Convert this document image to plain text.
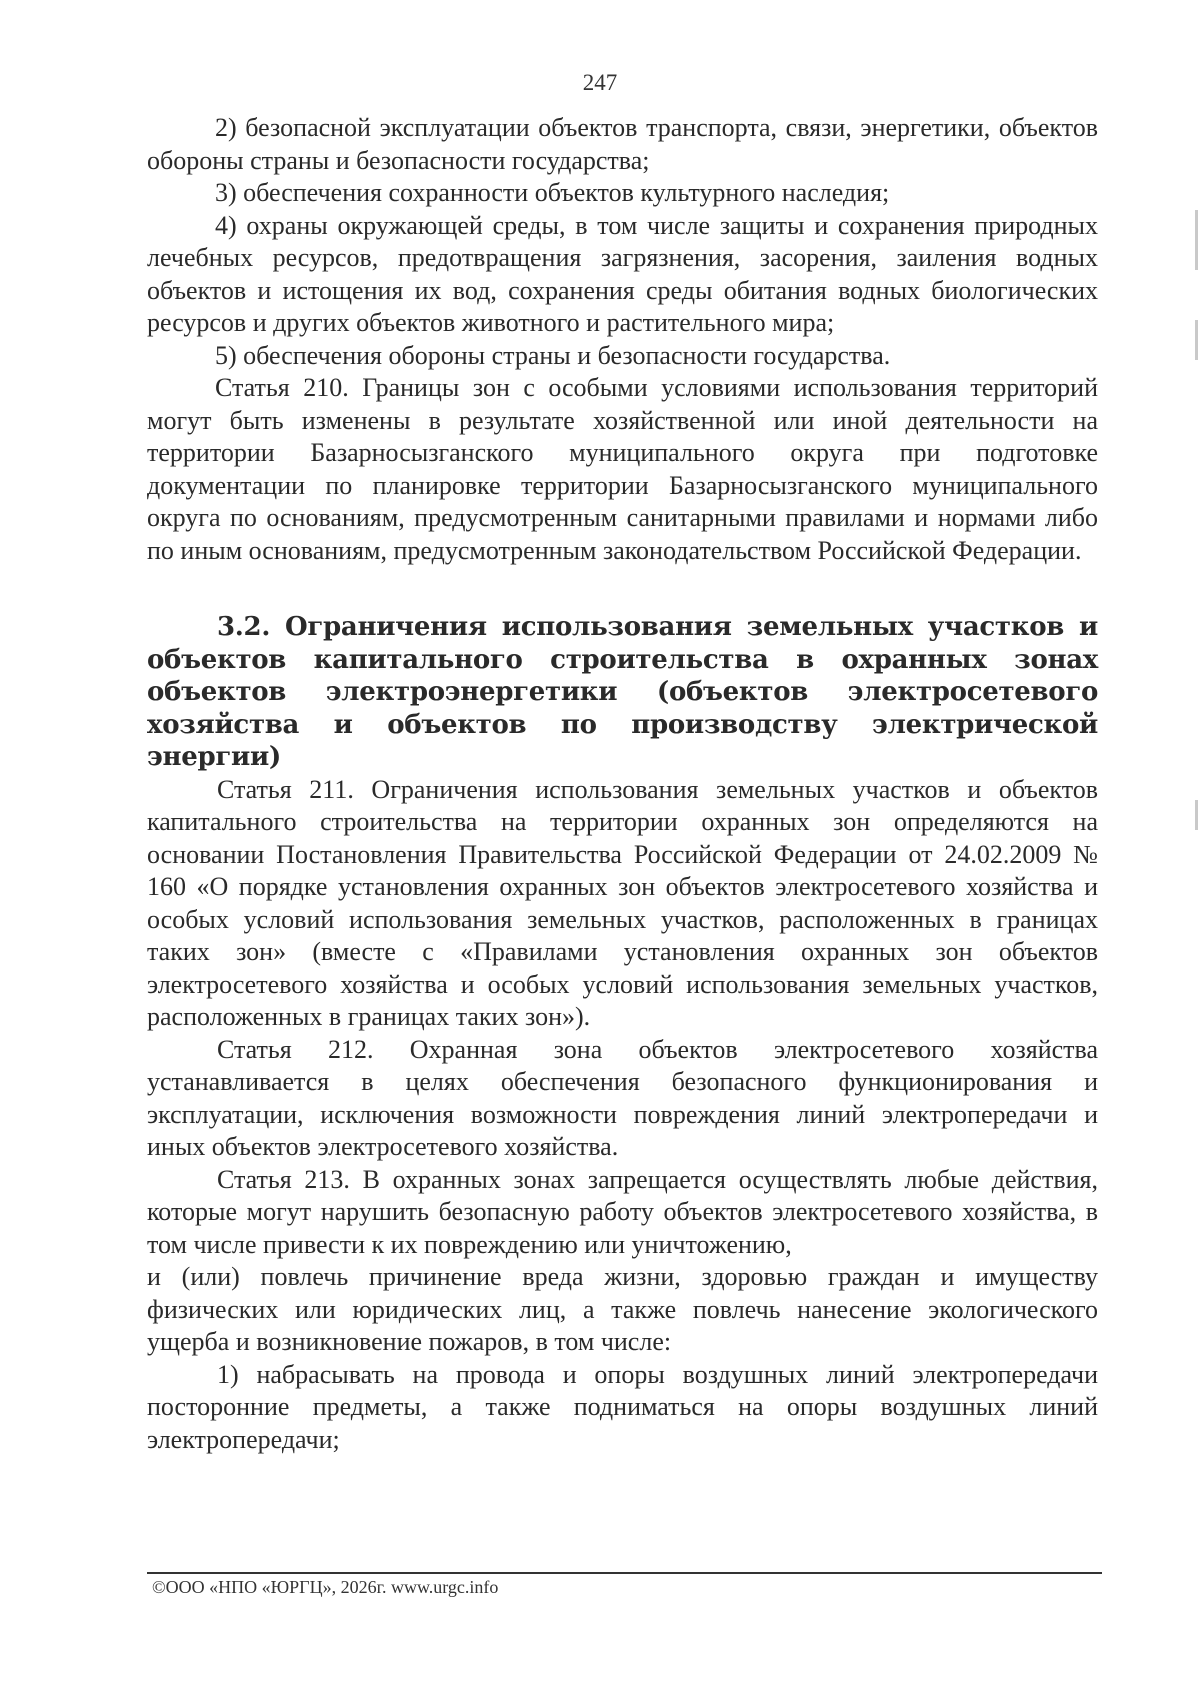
247

2) безопасной эксплуатации объектов транспорта, связи, энергетики, объектов обороны страны и безопасности государства;

3) обеспечения сохранности объектов культурного наследия;

4) охраны окружающей среды, в том числе защиты и сохранения природных лечебных ресурсов, предотвращения загрязнения, засорения, заиления водных объектов и истощения их вод, сохранения среды обитания водных биологических ресурсов и других объектов животного и растительного мира;

5) обеспечения обороны страны и безопасности государства.

Статья 210. Границы зон с особыми условиями использования территорий могут быть изменены в результате хозяйственной или иной деятельности на территории Базарносызганского муниципального округа при подготовке документации по планировке территории Базарносызганского муниципального округа по основаниям, предусмотренным санитарными правилами и нормами либо по иным основаниям, предусмотренным законодательством Российской Федерации.

3.2. Ограничения использования земельных участков и объектов капитального строительства в охранных зонах объектов электроэнергетики (объектов электросетевого хозяйства и объектов по производству электрической энергии)

Статья 211. Ограничения использования земельных участков и объектов капитального строительства на территории охранных зон определяются на основании Постановления Правительства Российской Федерации от 24.02.2009 № 160 «О порядке установления охранных зон объектов электросетевого хозяйства и особых условий использования земельных участков, расположенных в границах таких зон» (вместе с «Правилами установления охранных зон объектов электросетевого хозяйства и особых условий использования земельных участков, расположенных в границах таких зон»).

Статья 212. Охранная зона объектов электросетевого хозяйства устанавливается в целях обеспечения безопасного функционирования и эксплуатации, исключения возможности повреждения линий электропередачи и иных объектов электросетевого хозяйства.

Статья 213. В охранных зонах запрещается осуществлять любые действия, которые могут нарушить безопасную работу объектов электросетевого хозяйства, в том числе привести к их повреждению или уничтожению,

и (или) повлечь причинение вреда жизни, здоровью граждан и имуществу физических или юридических лиц, а также повлечь нанесение экологического ущерба и возникновение пожаров, в том числе:

1) набрасывать на провода и опоры воздушных линий электропередачи посторонние предметы, а также подниматься на опоры воздушных линий электропередачи;

©ООО «НПО «ЮРГЦ», 2026г. www.urgc.info
